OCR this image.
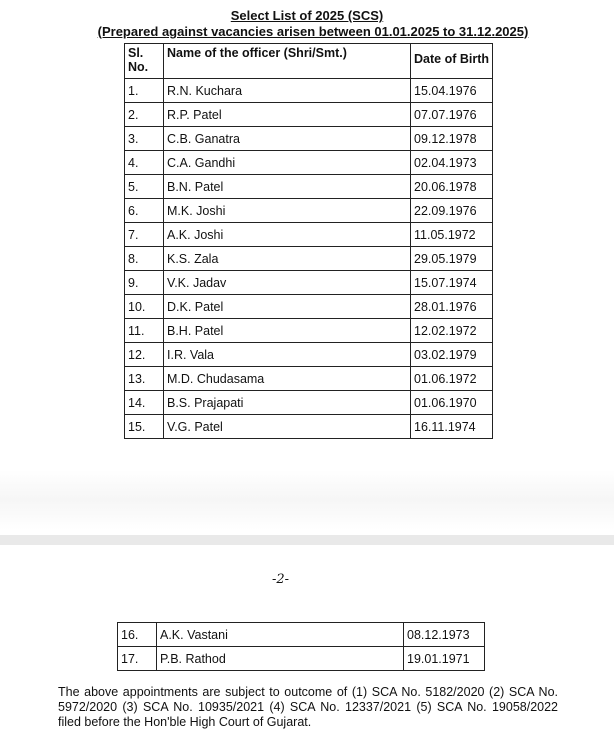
Select List of 2025 (SCS)
(Prepared against vacancies arisen between 01.01.2025 to 31.12.2025)
Sl. No.	Name of the officer (Shri/Smt.)	Date of Birth
1.	R.N. Kuchara	15.04.1976
2.	R.P. Patel	07.07.1976
3.	C.B. Ganatra	09.12.1978
4.	C.A. Gandhi	02.04.1973
5.	B.N. Patel	20.06.1978
6.	M.K. Joshi	22.09.1976
7.	A.K. Joshi	11.05.1972
8.	K.S. Zala	29.05.1979
9.	V.K. Jadav	15.07.1974
10.	D.K. Patel	28.01.1976
11.	B.H. Patel	12.02.1972
12.	I.R. Vala	03.02.1979
13.	M.D. Chudasama	01.06.1972
14.	B.S. Prajapati	01.06.1970
15.	V.G. Patel	16.11.1974
-2-
16.	A.K. Vastani	08.12.1973
17.	P.B. Rathod	19.01.1971
The above appointments are subject to outcome of (1) SCA No. 5182/2020 (2) SCA No. 5972/2020 (3) SCA No. 10935/2021 (4) SCA No. 12337/2021 (5) SCA No. 19058/2022 filed before the Hon'ble High Court of Gujarat.
